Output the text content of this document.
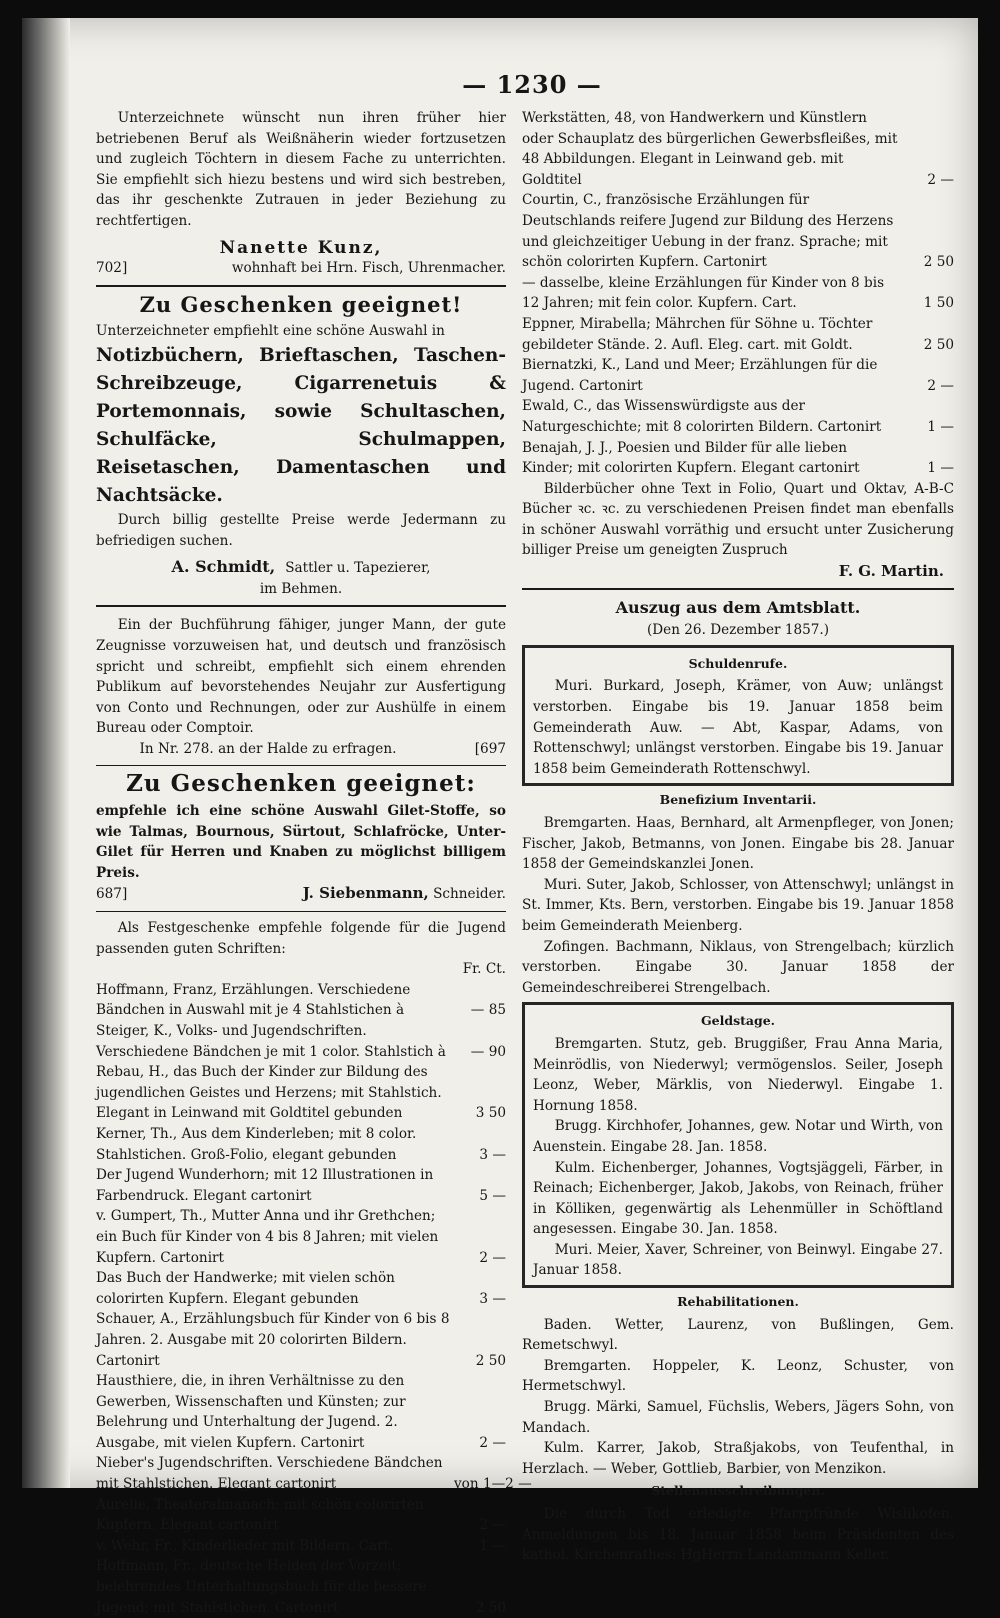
— 1230 —

Unterzeichnete wünscht nun ihren früher hier betriebenen Beruf als Weißnäherin wieder fortzusetzen und zugleich Töchtern in diesem Fache zu unterrichten. Sie empfiehlt sich hiezu bestens und wird sich bestreben, das ihr geschenkte Zutrauen in jeder Beziehung zu rechtfertigen.

Nanette Kunz,
702]	wohnhaft bei Hrn. Fisch, Uhrenmacher.
Zu Geschenken geeignet!

Unterzeichneter empfiehlt eine schöne Auswahl in

Notizbüchern, Brieftaschen, Taschen-Schreibzeuge, Cigarrenetuis & Portemonnais, sowie Schultaschen, Schulfäcke, Schulmappen, Reisetaschen, Damentaschen und Nachtsäcke.

Durch billig gestellte Preise werde Jedermann zu befriedigen suchen.

A. Schmidt, Sattler u. Tapezierer,
im Behmen.

Ein der Buchführung fähiger, junger Mann, der gute Zeugnisse vorzuweisen hat, und deutsch und französisch spricht und schreibt, empfiehlt sich einem ehrenden Publikum auf bevorstehendes Neujahr zur Ausfertigung von Conto und Rechnungen, oder zur Aushülfe in einem Bureau oder Comptoir.

In Nr. 278. an der Halde zu erfragen.	[697
Zu Geschenken geeignet:

empfehle ich eine schöne Auswahl Gilet-Stoffe, so wie Talmas, Bournous, Sürtout, Schlafröcke, Unter-Gilet für Herren und Knaben zu möglichst billigem Preis.

687]	J. Siebenmann, Schneider.

Als Festgeschenke empfehle folgende für die Jugend passenden guten Schriften:

Fr. Ct.
Hoffmann, Franz, Erzählungen. Verschiedene Bändchen in Auswahl mit je 4 Stahlstichen à	— 85
Steiger, K., Volks- und Jugendschriften. Verschiedene Bändchen je mit 1 color. Stahlstich à	— 90
Rebau, H., das Buch der Kinder zur Bildung des jugendlichen Geistes und Herzens; mit Stahlstich. Elegant in Leinwand mit Goldtitel gebunden	3 50
Kerner, Th., Aus dem Kinderleben; mit 8 color. Stahlstichen. Groß-Folio, elegant gebunden	3 —
Der Jugend Wunderhorn; mit 12 Illustrationen in Farbendruck. Elegant cartonirt	5 —
v. Gumpert, Th., Mutter Anna und ihr Grethchen; ein Buch für Kinder von 4 bis 8 Jahren; mit vielen Kupfern. Cartonirt	2 —
Das Buch der Handwerke; mit vielen schön colorirten Kupfern. Elegant gebunden	3 —
Schauer, A., Erzählungsbuch für Kinder von 6 bis 8 Jahren. 2. Ausgabe mit 20 colorirten Bildern. Cartonirt	2 50
Hausthiere, die, in ihren Verhältnisse zu den Gewerben, Wissenschaften und Künsten; zur Belehrung und Unterhaltung der Jugend. 2. Ausgabe, mit vielen Kupfern. Cartonirt	2 —
Nieber's Jugendschriften. Verschiedene Bändchen mit Stahlstichen. Elegant cartonirt	von 1—2 —
Aurelie, Theateralmanach; mit schön colorirten Kupfern. Elegant cartonirt	2 —
v. Wehr, Fr., Kinderlieder mit Bildern. Cart.	1 —
Hoffmann, Fr., deutsche Helden der Vorzeit; belehrendes Unterhaltungsbuch für die bessere Jugend; mit Stahlstichen. Cartonirt	2 50
Werkstätten, 48, von Handwerkern und Künstlern oder Schauplatz des bürgerlichen Gewerbsfleißes, mit 48 Abbildungen. Elegant in Leinwand geb. mit Goldtitel	2 —
Courtin, C., französische Erzählungen für Deutschlands reifere Jugend zur Bildung des Herzens und gleichzeitiger Uebung in der franz. Sprache; mit schön colorirten Kupfern. Cartonirt	2 50
— dasselbe, kleine Erzählungen für Kinder von 8 bis 12 Jahren; mit fein color. Kupfern. Cart.	1 50
Eppner, Mirabella; Mährchen für Söhne u. Töchter gebildeter Stände. 2. Aufl. Eleg. cart. mit Goldt.	2 50
Biernatzki, K., Land und Meer; Erzählungen für die Jugend. Cartonirt	2 —
Ewald, C., das Wissenswürdigste aus der Naturgeschichte; mit 8 colorirten Bildern. Cartonirt	1 —
Benajah, J. J., Poesien und Bilder für alle lieben Kinder; mit colorirten Kupfern. Elegant cartonirt	1 —

Bilderbücher ohne Text in Folio, Quart und Oktav, A-B-C Bücher ꝛc. ꝛc. zu verschiedenen Preisen findet man ebenfalls in schöner Auswahl vorräthig und ersucht unter Zusicherung billiger Preise um geneigten Zuspruch

F. G. Martin.
Auszug aus dem Amtsblatt.
(Den 26. Dezember 1857.)
Schuldenrufe.

Muri. Burkard, Joseph, Krämer, von Auw; unlängst verstorben. Eingabe bis 19. Januar 1858 beim Gemeinderath Auw. — Abt, Kaspar, Adams, von Rottenschwyl; unlängst verstorben. Eingabe bis 19. Januar 1858 beim Gemeinderath Rottenschwyl.

Benefizium Inventarii.

Bremgarten. Haas, Bernhard, alt Armenpfleger, von Jonen; Fischer, Jakob, Betmanns, von Jonen. Eingabe bis 28. Januar 1858 der Gemeindskanzlei Jonen.

Muri. Suter, Jakob, Schlosser, von Attenschwyl; unlängst in St. Immer, Kts. Bern, verstorben. Eingabe bis 19. Januar 1858 beim Gemeinderath Meienberg.

Zofingen. Bachmann, Niklaus, von Strengelbach; kürzlich verstorben. Eingabe 30. Januar 1858 der Gemeindeschreiberei Strengelbach.

Geldstage.

Bremgarten. Stutz, geb. Bruggißer, Frau Anna Maria, Meinrödlis, von Niederwyl; vermögenslos. Seiler, Joseph Leonz, Weber, Märklis, von Niederwyl. Eingabe 1. Hornung 1858.

Brugg. Kirchhofer, Johannes, gew. Notar und Wirth, von Auenstein. Eingabe 28. Jan. 1858.

Kulm. Eichenberger, Johannes, Vogtsjäggeli, Färber, in Reinach; Eichenberger, Jakob, Jakobs, von Reinach, früher in Kölliken, gegenwärtig als Lehenmüller in Schöftland angesessen. Eingabe 30. Jan. 1858.

Muri. Meier, Xaver, Schreiner, von Beinwyl. Eingabe 27. Januar 1858.

Rehabilitationen.

Baden. Wetter, Laurenz, von Bußlingen, Gem. Remetschwyl.

Bremgarten. Hoppeler, K. Leonz, Schuster, von Hermetschwyl.

Brugg. Märki, Samuel, Füchslis, Webers, Jägers Sohn, von Mandach.

Kulm. Karrer, Jakob, Straßjakobs, von Teufenthal, in Herzlach. — Weber, Gottlieb, Barbier, von Menzikon.

Stellenausschreibungen.

Die durch Tod erledigte Pfarrpfründe Wislikofen. Anmeldungen bis 18. Januar 1858 beim Präsidenten des kathol. Kirchenrathes: HgHerrn Landammann Keller.
